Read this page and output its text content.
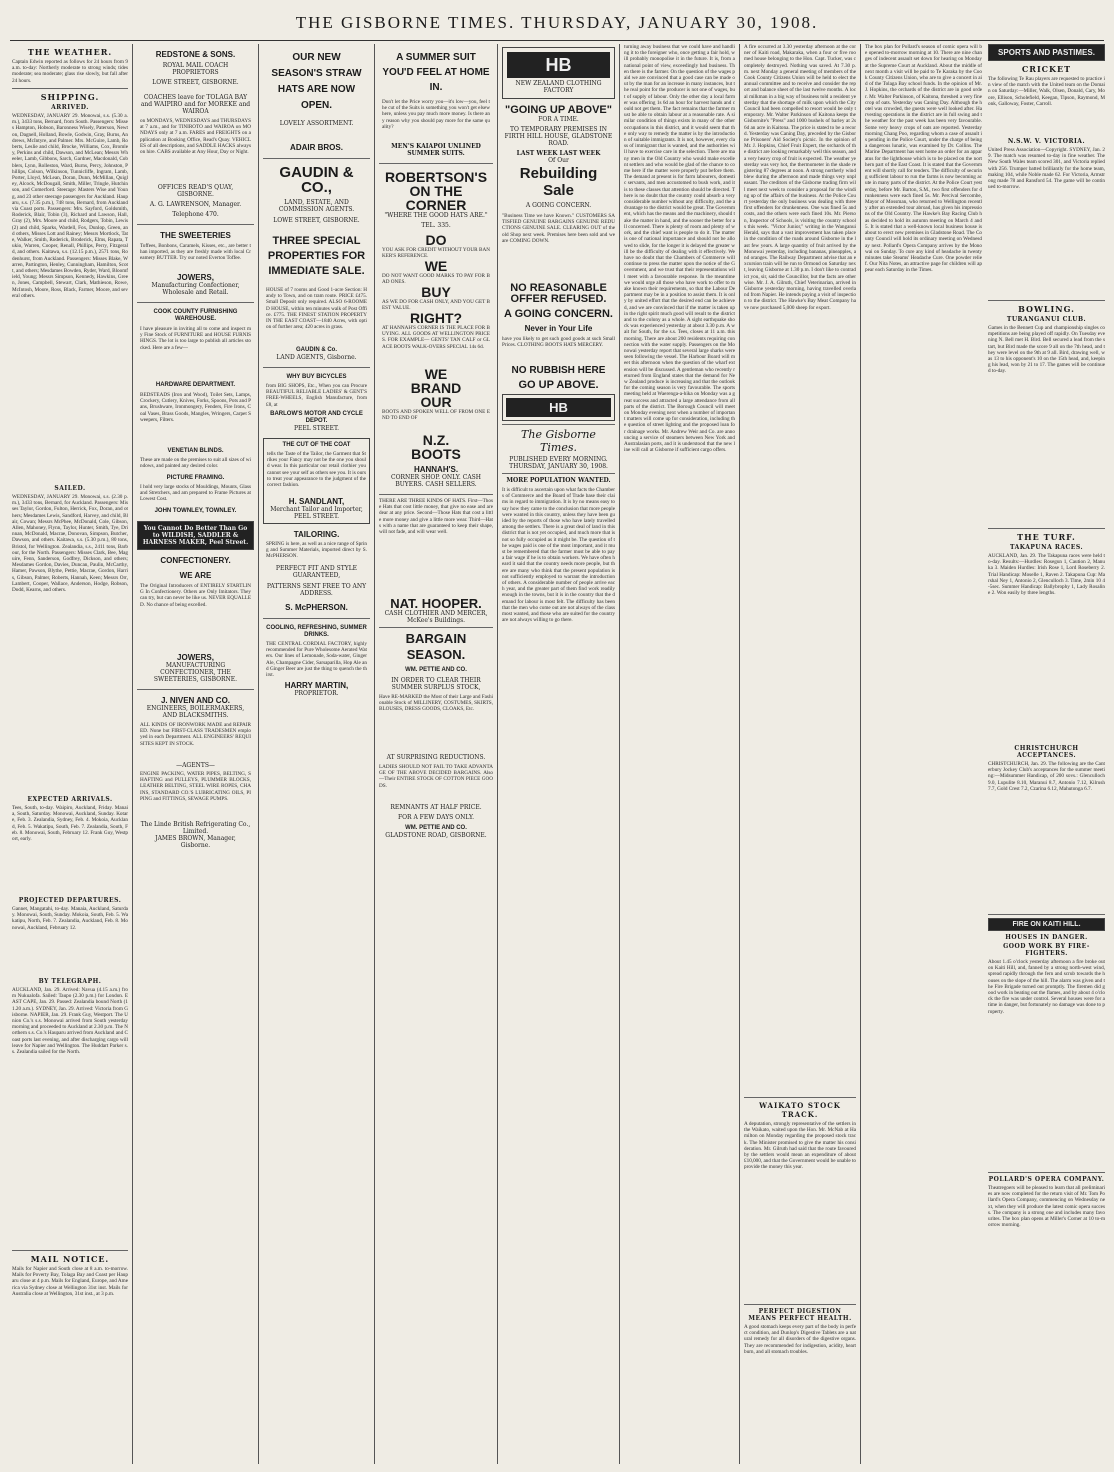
THE GISBORNE TIMES. THURSDAY, JANUARY 30, 1908.
THE WEATHER.
Captain Edwin reported as follows for 24 hours from 9 a.m. to-day: Northerly moderate to strong winds; tides moderate; sea moderate; glass rise slowly, but fall after 24 hours.
SHIPPING.
ARRIVED.
WEDNESDAY, JANUARY 29. Monowai, s.s. (5.30 a.m.), 3433 tons, Bernard, from South. Passengers: Misses Hampton, Hobson, Baronness Wisely, Paterson, Newton, Dagnell, Holland, Bowle, Godwin, Gray, Burns, Andrews, McIntyre, and Palmer. Mrs. McGuire, Lamb, Roberts, Leslie and child, Brocke, Williams, Cox, Bromley, Perkins and child, Dawson, and McLean; Messrs Wheeler, Lamb, Gibbons, Sarch, Gardner, Macdonald, Cobblers, Lynn, Rolleston, Ward, Burns, Percy, Johnston, Phillips, Colson, Wilkinson, Tunnicliffe, Ingram, Lamb, Porter, Lloyd, McLean, Doran, Dunn, McMillan, Quigley, Alcock, McDougall, Smith, Miller, Tringle, Hutchinson, and Comerford. Steerage: Masters Wise and Young, and 23 other steerage passengers for Auckland. Hauparu, s.s. (7.35 p.m.), 748 tons, Bernard, from Auckland via Coast ports. Passengers: Mrs. Sayford, Goldsmith, Roderick, Blair, Tobin (3), Richard and Lawson, Hall, Gray (2), Mrs. Moore and child, Rodgers, Tobin, Lewis (2) and child, Sparks, Wardell, Fox, Dunlop, Green, and others, Misses Lott and Rainey; Messrs Mortlock, Tate, Walker, Smith, Roderick, Broderick, Elms, Rapata, Tukio, Warren, Cooper, Renall, Phillips, Perry, Fitzgerald, and others. Kaitawa, s.s. (12.15 p.m.), 2571 tons, Rodenhurst, from Auckland. Passengers: Misses Blake, Warren, Partington, Henley, Cunningham, Hamilton, Scott, and others; Mesdames Bowden, Ryder, Ward, Bloomfield, Young; Messrs Simpson, Kennedy, Hawkins, Green, Jones, Campbell, Stewart, Clark, Mathieson, Rowe, McIntosh, Moore, Ross, Black, Farmer, Moore, and several others.
SAILED.
WEDNESDAY, JANUARY 29. Monowai, s.s. (2.30 p.m.), 3433 tons, Bernard, for Auckland. Passengers: Misses Taylor, Gordon, Fulton, Herrick, Fox, Doran, and others; Mesdames Lewis, Sandford, Harvey, and child, Blair, Cowan; Messrs McPhee, McDonald, Cole, Gibson, Allen, Mahoney, Flynn, Taylor, Hunter, Smith, Tye, Drinnan, McDonald, Macrae, Donovan, Simpson, Butcher, Dawson, and others. Kaitawa, s.s. (5.30 p.m.), 80 tons, Bristol, for Wellington. Zealandia, s.s., 2411 tons, Barbour, for the North. Passengers: Misses Clark, Bee, Maguire, Fenn, Sanderson, Godfrey, Dickson, and others; Mesdames Gordon, Davies, Duncan, Paulin, McCarthy, Hamer, Pawson, Blythe, Pettie, Macrae, Gordon, Harris, Gibson, Palmer, Roberts, Hannah, Keen; Messrs Orr, Lambert, Cooper, Wallace, Anderson, Hodge, Robson, Dodd, Kearns, and others.
EXPECTED ARRIVALS.
Tees, South, to-day. Waipiro, Auckland, Friday. Manaia, South, Saturday. Monowai, Auckland, Sunday. Kotare, Feb. 3. Zealandia, Sydney, Feb. 4. Mokoia, Auckland, Feb. 5. Wakatipu, South, Feb. 7. Zealandia, South, Feb. 8. Monowai, South, February 12. Frank Guy, Westport, early.
PROJECTED DEPARTURES.
Gannet, Mangatahi, to-day. Manaia, Auckland, Saturday. Monowai, South, Sunday. Mokoia, South, Feb. 5. Wakatipu, North, Feb. 7. Zealandia, Auckland, Feb. 8. Monowai, Auckland, February 12.
BY TELEGRAPH.
AUCKLAND, Jan. 29. Arrived: Navua (4.15 a.m.) from Nukualofa. Sailed: Taupo (2.30 p.m.) for London. EAST CAPE, Jan. 29. Passed: Zealandia bound North (11.20 a.m.). SYDNEY, Jan. 29. Arrived: Victoria from Gisborne. NAPIER, Jan. 29. Frank Guy, Westport. The Union Co.'s s.s. Monowai arrived from South yesterday morning and proceeded to Auckland at 2.30 p.m. The Northern s.s. Co.'s Hauparu arrived from Auckland and Coast ports last evening, and after discharging cargo will leave for Napier and Wellington. The Huddart Parker s.s. Zealandia sailed for the North.
MAIL NOTICE.
Mails for Napier and South close at 8 a.m. to-morrow. Mails for Poverty Bay, Tolaga Bay and Coast per Hauparu close at 4 p.m. Mails for England, Europe, and America via Sydney close at Wellington 31st inst. Mails for Australia close at Wellington, 31st inst., at 3 p.m.
REDSTONE & SONS.
ROYAL MAIL COACH PROPRIETORS
LOWE STREET, GISBORNE.
COACHES leave for TOLAGA BAY and WAIPIRO and for MOREKE and WAIROA
on MONDAYS, WEDNESDAYS and THURSDAYS at 7 a.m., and for TINIROTO and WAIROA on MONDAYS only at 7 a.m. FARES and FREIGHTS on application at Booking Office, Read's Quay. VEHICLES of all descriptions, and SADDLE HACKS always on hire. CABS available at Any Hour, Day or Night.
OFFICES READ'S QUAY, GISBORNE.
A. G. LAWRENSON, Manager.
Telephone 470.
THE SWEETERIES
Toffees, Bonbons, Caramels, Kisses, etc., are better than imported, as they are freshly made with local Creamery BUTTER. Try our noted Everton Toffee.
JOWERS,
Manufacturing Confectioner, Wholesale and Retail.
COOK COUNTY FURNISHING WAREHOUSE.
I have pleasure in inviting all to come and inspect my Fine Stock of FURNITURE and HOUSE FURNISHINGS. The lot is too large to publish all articles stocked. Here are a few—
HARDWARE DEPARTMENT.
BEDSTEADS (Iron and Wood), Toilet Sets, Lamps, Crockery, Cutlery, Knives, Forks, Spoons, Pots and Pans, Brushware, Ironmongery, Fenders, Fire Irons, Coal Vases, Brass Goods, Mangles, Wringers, Carpet Sweepers, Filters.
VENETIAN BLINDS.
These are made on the premises to suit all sizes of windows, and painted any desired color.
PICTURE FRAMING.
I hold very large stocks of Mouldings, Mounts, Glass and Stretchers, and am prepared to Frame Pictures at Lowest Cost.
JOHN TOWNLEY, TOWNLEY.
You Cannot Do Better Than Go to WILDISH, SADDLER & HARNESS MAKER, Peel Street.
CONFECTIONERY.
WE ARE
The Original Introducers of ENTIRELY STARTLING In Confectionery. Others are Only Imitators. They can try, but can never be like us. NEVER EQUALLED. No chance of being excelled.
JOWERS,
MANUFACTURING CONFECTIONER, THE SWEETERIES, GISBORNE.
J. NIVEN AND CO.
ENGINEERS, BOILERMAKERS, AND BLACKSMITHS.
ALL KINDS OF IRONWORK MADE and REPAIRED. None but FIRST-CLASS TRADESMEN employed in each Department. ALL ENGINEERS' REQUISITES KEPT IN STOCK.
—AGENTS—
ENGINE PACKING, WATER PIPES, BELTING, SHAFTING and PULLEYS, PLUMMER BLOCKS, LEATHER BELTING, STEEL WIRE ROPES, CHAINS, STANDARD CO.'S LUBRICATING OILS, PIPING and FITTINGS, SEWAGE PUMPS.
The Linde British Refrigerating Co., Limited.
JAMES BROWN, Manager, Gisborne.
OUR NEW SEASON'S STRAW HATS ARE NOW OPEN.
LOVELY ASSORTMENT.
ADAIR BROS.
GAUDIN & CO.,
LAND, ESTATE, AND COMMISSION AGENTS.
LOWE STREET, GISBORNE.
THREE SPECIAL PROPERTIES FOR IMMEDIATE SALE.
HOUSE of 7 rooms and Good 1-acre Section: Handy to Town, and on tram route. PRICE £475. Small Deposit only required. ALSO 6-ROOMED HOUSE, within ten minutes walk of Post Office. £775. THE FINEST STATION PROPERTY IN THE EAST COAST—1840 Acres, with option of further area; 420 acres in grass.
GAUDIN & Co.
LAND AGENTS, Gisborne.
WHY BUY BICYCLES
from BIG SHOPS, Etc., When you can Procure BEAUTIFUL RELIABLE LADIES' & GENT'S FREE-WHEELS, English Manufacture, from £8, at
BARLOW'S MOTOR AND CYCLE DEPOT.
PEEL STREET.
THE CUT OF THE COAT
tells the Taste of the Tailor, the Garment that Strikes your Fancy may not be the one you should wear. In this particular our retail clothier you cannot see your self as others see you. It is ours to treat your appearance to the judgment of the correct fashion.
H. SANDLANT,
Merchant Tailor and Importer, PEEL STREET.
TAILORING.
SPRING is here, as well as a nice range of Spring and Summer Materials, imported direct by S. McPHERSON.
PERFECT FIT AND STYLE GUARANTEED,
PATTERNS SENT FREE TO ANY ADDRESS.
S. McPHERSON.
COOLING, REFRESHING, SUMMER DRINKS.
THE CENTRAL CORDIAL FACTORY, highly recommended for Pure Wholesome Aerated Waters. Our lines of Lemonade, Soda-water, Ginger Ale, Champagne Cider, Sarsaparilla, Hop Ale and Ginger Beer are just the thing to quench the thirst.
HARRY MARTIN,
PROPRIETOR.
A SUMMER SUIT YOU'D FEEL AT HOME IN.
Don't let the Price worry you—it's low—you, feel the cut of the Suits is something you won't get elsewhere, unless you pay much more money. Is there any reason why you should pay more for the same quality?
MEN'S KAIAPOI UNLINED SUMMER SUITS.
ROBERTSON'S ON THE CORNER
"WHERE THE GOOD HATS ARE."
TEL. 335.
DO
YOU ASK FOR CREDIT WITHOUT YOUR BANKER'S REFERENCE.
WE
DO NOT WANT GOOD MARKS TO PAY FOR BAD ONES.
BUY
AS WE DO FOR CASH ONLY, AND YOU GET BEST VALUE.
RIGHT?
AT HANNAH'S CORNER IS THE PLACE FOR BUYING. ALL GOODS AT WELLINGTON PRICES. FOR EXAMPLE— GENTS' TAN CALF or GLACE BOOTS WALK-OVERS SPECIAL 14s 6d.
WE
BRAND
OUR
BOOTS AND SPOKEN WELL OF FROM ONE END TO END OF
N.Z.
BOOTS
HANNAH'S.
CORNER SHOP. ONLY. CASH BUYERS. CASH SELLERS.
THERE ARE THREE KINDS OF HATS. First—Those Hats that cost little money, that give no ease and are dear at any price. Second—Those Hats that cost a little more money and give a little more wear. Third—Hats with a name that are guaranteed to keep their shape, will not fade, and will wear well.
NAT. HOOPER.
CASH CLOTHIER AND MERCER, McKee's Buildings.
BARGAIN SEASON.
WM. PETTIE AND CO.
IN ORDER TO CLEAR THEIR SUMMER SURPLUS STOCK,
Have RE-MARKED the Most of their Large and Fashionable Stock of MILLINERY, COSTUMES, SKIRTS, BLOUSES, DRESS GOODS, CLOAKS, Etc.
AT SURPRISING REDUCTIONS.
LADIES SHOULD NOT FAIL TO TAKE ADVANTAGE OF THE ABOVE DECIDED BARGAINS. Also—Their ENTIRE STOCK OF COTTON PIECE GOODS.
REMNANTS AT HALF PRICE.
FOR A FEW DAYS ONLY.
WM. PETTIE AND CO.
GLADSTONE ROAD, GISBORNE.
HB
NEW ZEALAND CLOTHING FACTORY
"GOING UP ABOVE"
FOR A TIME.
TO TEMPORARY PREMISES IN FIRTH HILL HOUSE, GLADSTONE ROAD.
LAST WEEK LAST WEEK
Of Our
Rebuilding
Sale
A GOING CONCERN.
"Business Time we have Known." CUSTOMERS SATISFIED GENUINE BARGAINS GENUINE REDUCTIONS GENUINE SALE. CLEARING OUT of the old Shop next week. Premises here been sold and we are COMING DOWN.
NO REASONABLE OFFER REFUSED.
A GOING CONCERN.
Never in Your Life
have you likely to get such good goods at such Small Prices. CLOTHING BOOTS HATS MERCERY.
NO RUBBISH HERE
GO UP ABOVE.
HB
The Gisborne Times.
PUBLISHED EVERY MORNING.
THURSDAY, JANUARY 30, 1908.
MORE POPULATION WANTED.
It is difficult to ascertain upon what facts the Chambers of Commerce and the Board of Trade base their claims in regard to immigration. It is by no means easy to say how they came to the conclusion that more people were wanted in this country, unless they have been guided by the reports of those who have lately travelled among the settlers. There is a great deal of land in this district that is not yet occupied, and much more that is not so fully occupied as it might be. The question of the wages paid is one of the most important, and it must be remembered that the farmer must be able to pay a fair wage if he is to obtain workers. We have often heard it said that the country needs more people, but there are many who think that the present population is not sufficiently employed to warrant the introduction of others. A considerable number of people arrive each year, and the greater part of them find work readily enough in the towns, but it is in the country that the demand for labour is most felt. The difficulty has been that the men who come out are not always of the class most wanted, and those who are suited for the country are not always willing to go there.
turning away business that we could have and handling it to the foreigner who, once getting a fair hold, will probably monopolise it in the future. It is, from a national point of view, exceedingly bad business. Then there is the farmer. On the question of the wages paid we are convinced that a good case can be made out by the man for an increase in many instances, but the real point for the producer is not one of wages, but of supply of labour. Only the other day a local farmer was offering 1s 6d an hour for harvest hands and could not get them. The fact remains that the farmer must be able to obtain labour at a reasonable rate. A similar condition of things exists in many of the other occupations in this district, and it would seem that the only way to remedy the matter is by the introduction of suitable immigrants. It is not, however, every class of immigrant that is wanted, and the authorities will have to exercise care in the selection. There are many men in the Old Country who would make excellent settlers and who would be glad of the chance to come here if the matter were properly put before them. The demand at present is for farm labourers, domestic servants, and men accustomed to bush work, and it is to these classes that attention should be directed. There is no doubt that the country could absorb a very considerable number without any difficulty, and the advantage to the district would be great. The Government, which has the means and the machinery, should take the matter in hand, and the sooner the better for all concerned. There is plenty of room and plenty of work, and the chief want is people to do it. The matter is one of national importance and should not be allowed to slide, for the longer it is delayed the greater will be the difficulty of dealing with it effectively. We have no doubt that the Chambers of Commerce will continue to press the matter upon the notice of the Government, and we trust that their representations will meet with a favourable response. In the meantime we would urge all those who have work to offer to make known their requirements, so that the Labour Department may be in a position to assist them. It is only by united effort that the desired end can be achieved, and we are convinced that if the matter is taken up in the right spirit much good will result to the district and to the colony as a whole. A sight earthquake shock was experienced yesterday at about 3.30 p.m. A wait for South, for the s.s. Tees, closes at 11 a.m. this morning. There are about 200 residents requiring connection with the water supply. Passengers on the Monowai yesterday report that several large sharks were seen following the vessel. The Harbour Board will meet this afternoon when the question of the wharf extension will be discussed. A gentleman who recently returned from England states that the demand for New Zealand produce is increasing and that the outlook for the coming season is very favourable. The sports meeting held at Waerenga-a-hika on Monday was a great success and attracted a large attendance from all parts of the district. The Borough Council will meet on Monday evening next when a number of important matters will come up for consideration, including the question of street lighting and the proposed loan for drainage works. Mr. Andrew Weir and Co. are announcing a service of steamers between New York and Australasian ports, and it is understood that the new line will call at Gisborne if sufficient cargo offers.
A fire occurred at 3.30 yesterday afternoon at the corner of Kaiti road, Makaraka, when a four or five roomed house belonging to the Hon. Capt. Tucker, was completely destroyed. Nothing was saved. At 7.30 p.m. next Monday a general meeting of members of the Cook County Citizens Union will be held to elect the annual committee and to receive and consider the report and balance sheet of the last twelve months. A local milkman in a big way of business told a resident yesterday that the shortage of milk upon which the City Council had been compelled to resort would be only temporary. Mr. Walter Parkinson of Kaitona keeps the Gisbornite's "Press" and 1000 bushels of barley at 2s 6d an acre in Kaitona. The price is stated to be a record. Yesterday was Caning Day, preceded by the Gisborne Prisoners' Aid Society's picnic. In the opinion of Mr. J. Hopkins, Chief Fruit Expert, the orchards of the district are looking remarkably well this season, and a very heavy crop of fruit is expected. The weather yesterday was very hot, the thermometer in the shade registering 87 degrees at noon. A strong northerly wind blew during the afternoon and made things very unpleasant. The creditors of the Gisborne trading firm will meet next week to consider a proposal for the winding up of the affairs of the business. At the Police Court yesterday the only business was dealing with three first offenders for drunkenness. One was fined 5s and costs, and the others were each fined 10s. Mr. Pierson, Inspector of Schools, is visiting the country schools this week. "Victor Junior," writing in the Wanganui Herald, says that a vast improvement has taken place in the condition of the roads around Gisborne in the last few years. A large quantity of fruit arrived by the Monowai yesterday, including bananas, pineapples, and oranges. The Railway Department advise that an excursion train will be run to Ormond on Saturday next, leaving Gisborne at 1.30 p.m. I don't like to contradict you, sir, said the Councillor, but the facts are otherwise. Mr. J. A. Gilruth, Chief Veterinarian, arrived in Gisborne yesterday morning, having travelled overland from Napier. He intends paying a visit of inspection to the district. The Hawke's Bay Meat Company have now purchased 5,000 sheep for export.
WAIKATO STOCK TRACK.
A deputation, strongly representative of the settlers in the Waikato, waited upon the Hon. Mr. McNab at Hamilton on Monday regarding the proposed stock track. The Minister promised to give the matter his consideration. Mr. Gilruth had said that the route favoured by the settlers would mean an expenditure of about £10,000, and that the Government would be unable to provide the money this year.
PERFECT DIGESTION MEANS PERFECT HEALTH.
A good stomach keeps every part of the body in perfect condition, and Dunlop's Digestive Tablets are a natural remedy for all disorders of the digestive organs. They are recommended for indigestion, acidity, heartburn, and all stomach troubles.
The box plan for Pollard's season of comic opera will be opened to-morrow morning at 10. There are nine changes of indecent assault set down for hearing on Monday at the Supreme Court at Auckland. About the middle of next month a visit will be paid to Te Karaka by the Cook County Citizens Union, who are to give a concert in aid of the Tolaga Bay school funds. In the opinion of Mr. J. Hopkins, the orchards of the district are in good order. Mr. Walter Parkinson, of Kaitona, threshed a very fine crop of oats. Yesterday was Caning Day. Although the hotel was crowded, the guests were well looked after. Harvesting operations in the district are in full swing and the weather for the past week has been very favourable. Some very heavy crops of oats are reported. Yesterday morning Chang Poo, regarding whom a case of assault is pending in the Police Court, under the charge of being a dangerous lunatic, was examined by Dr. Collins. The Marine Department has sent home an order for an apparatus for the lighthouse which is to be placed on the northern part of the East Coast. It is stated that the Government will shortly call for tenders. The difficulty of securing sufficient labour to run the farms is now becoming acute in many parts of the district. At the Police Court yesterday, before Mr. Barton, S.M., two first offenders for drunkenness were each fined 5s. Mr. Percival Sercombe, Mayor of Mossman, who returned to Wellington recently after an extended tour abroad, has given his impressions of the Old Country. The Hawke's Bay Racing Club has decided to hold its autumn meeting on March 4 and 5. It is stated that a well-known local business house is about to erect new premises in Gladstone Road. The County Council will hold its ordinary meeting on Wednesday next. Pollard's Opera Company arrives by the Monowai on Sunday. To cure any kind of headache in twenty minutes take Steams' Headache Cure. One powder relief. Our Nita Notes, an attractive page for children will appear each Saturday in the Times.
SPORTS AND PASTIMES.
CRICKET
The following Te Rau players are requested to practice in view of the match with the United team on the Domain on Saturday:—Miller, Walk, Olsen, Donald, Cary, Moore, Ellison, Scholefield, Keegan, Tipson, Raymond, Monk, Galloway, Foster, Carroll.
N.S.W. V. VICTORIA.
United Press Association—Copyright. SYDNEY, Jan. 29. The match was resumed to-day in fine weather. The New South Wales team scored 301, and Victoria replied with 256. Trumper batted brilliantly for the home team, making 104, while Noble made 62. For Victoria, Armstrong made 78 and Ransford 54. The game will be continued to-morrow.
BOWLING.
TURANGANUI CLUB.
Games in the Bennett Cup and championship singles competitions are being played off rapidly. On Tuesday evening N. Bell met H. Bird. Bell secured a lead from the start, but Bird made the score 9 all on the 7th head, and they were level on the 9th at 9 all. Bird, drawing well, was 13 to his opponent's 10 on the 15th head, and, keeping his lead, won by 21 to 17. The games will be continued to-day.
THE TURF.
TAKAPUNA RACES.
AUCKLAND, Jan. 29. The Takapuna races were held to-day. Results:—Hurdles: Rosegun 1, Caution 2, Manuka 3. Maiden Hurdles: Irish Rose 1, Lord Roseberry 2. Trial Handicap: Moselle 1, Raven 2. Takapuna Cup: Marshal Ney 1, Antonio 2, Glenculloch 3. Time, 2min 10 4-5sec. Summer Handicap: Ballybrophy 1, Lady Rosaline 2. Won easily by three lengths.
CHRISTCHURCH ACCEPTANCES.
CHRISTCHURCH, Jan. 29. The following are the Canterbury Jockey Club's acceptances for the summer meeting:—Midsummer Handicap, of 200 sovs.: Glenculloch 9.0, Lupulite 8.10, Maranui 8.7, Antonio 7.12, Kilrush 7.7, Gold Crest 7.2, Czarina 6.12, Mahutonga 6.7.
FIRE ON KAITI HILL.
HOUSES IN DANGER.
GOOD WORK BY FIRE-FIGHTERS.
About 1.45 o'clock yesterday afternoon a fire broke out on Kaiti Hill, and, fanned by a strong north-west wind, spread rapidly through the fern and scrub towards the houses on the slope of the hill. The alarm was given and the Fire Brigade turned out promptly. The firemen did good work in beating out the flames, and by about 4 o'clock the fire was under control. Several houses were for a time in danger, but fortunately no damage was done to property.
POLLARD'S OPERA COMPANY.
Theatregoers will be pleased to learn that all preliminaries are now completed for the return visit of Mr. Tom Pollard's Opera Company, commencing on Wednesday next, when they will produce the latest comic opera success. The company is a strong one and includes many favourites. The box plan opens at Miller's Corner at 10 to-morrow morning.
